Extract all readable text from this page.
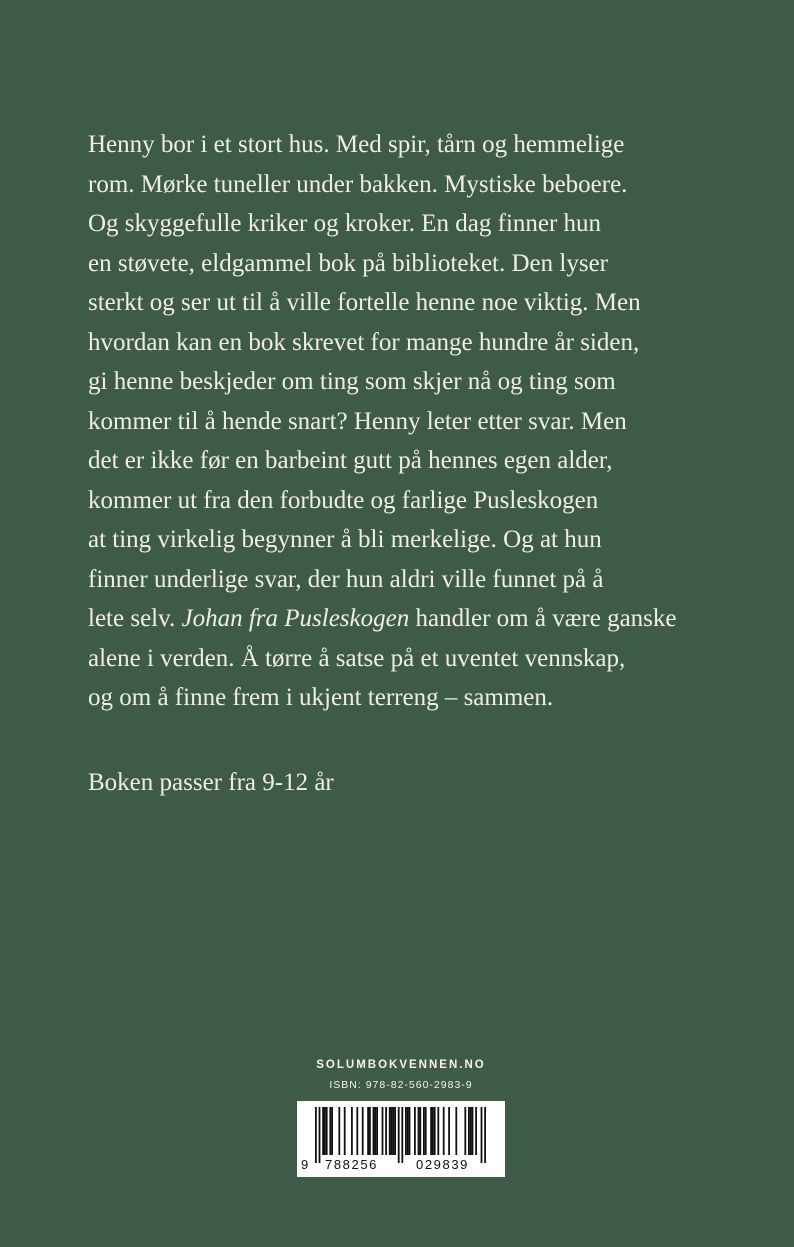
Henny bor i et stort hus. Med spir, tårn og hemmelige
rom. Mørke tuneller under bakken. Mystiske beboere.
Og skyggefulle kriker og kroker. En dag finner hun
en støvete, eldgammel bok på biblioteket. Den lyser
sterkt og ser ut til å ville fortelle henne noe viktig. Men
hvordan kan en bok skrevet for mange hundre år siden,
gi henne beskjeder om ting som skjer nå og ting som
kommer til å hende snart? Henny leter etter svar. Men
det er ikke før en barbeint gutt på hennes egen alder,
kommer ut fra den forbudte og farlige Pusleskogen
at ting virkelig begynner å bli merkelige. Og at hun
finner underlige svar, der hun aldri ville funnet på å
lete selv. Johan fra Pusleskogen handler om å være ganske
alene i verden. Å tørre å satse på et uventet vennskap,
og om å finne frem i ukjent terreng – sammen.

Boken passer fra 9-12 år

SOLUMBOKVENNEN.NO
ISBN: 978-82-560-2983-9
9 788256	029839
